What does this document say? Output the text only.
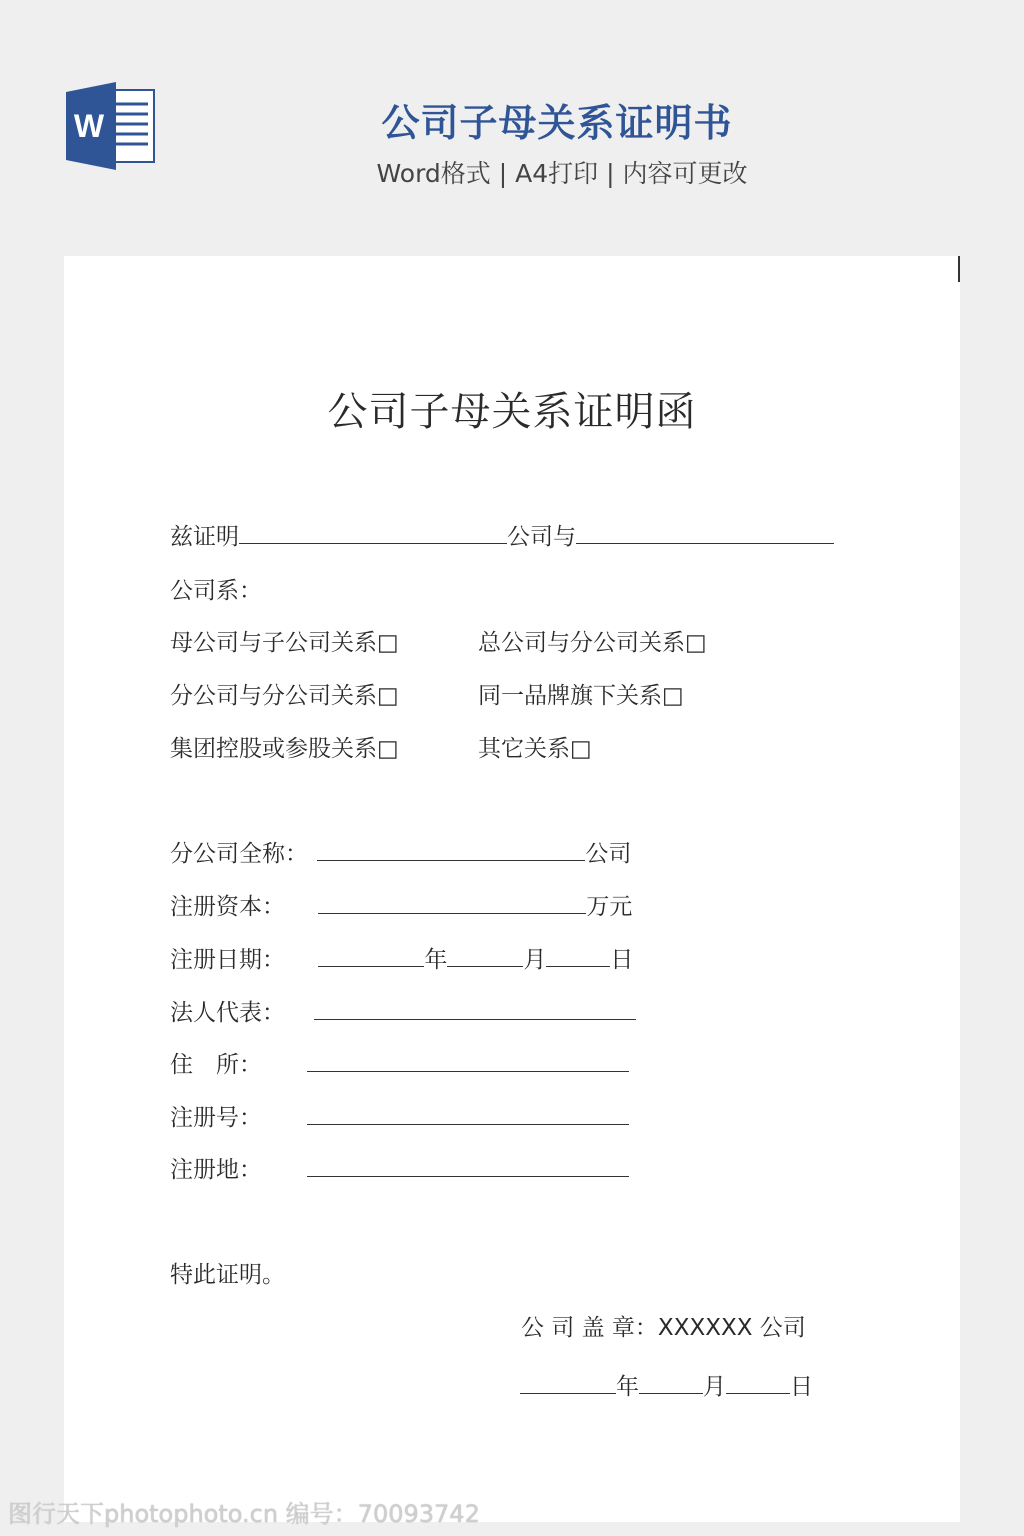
W	公司子母关系证明书
Word格式 | A4打印 | 内容可更改
公司子母关系证明函
兹证明	公司与
公司系：
母公司与子公司关系□	总公司与分公司关系□
分公司与分公司关系□	同一品牌旗下关系□
集团控股或参股关系□	其它关系□
分公司全称：	公司
注册资本：	万元
注册日期：	年	月	日
法人代表：
住　所：
注册号：
注册地：
特此证明。
公 司 盖 章：XXXXXX 公司
年	月	日
图行天下photophoto.cn 编号：70093742
